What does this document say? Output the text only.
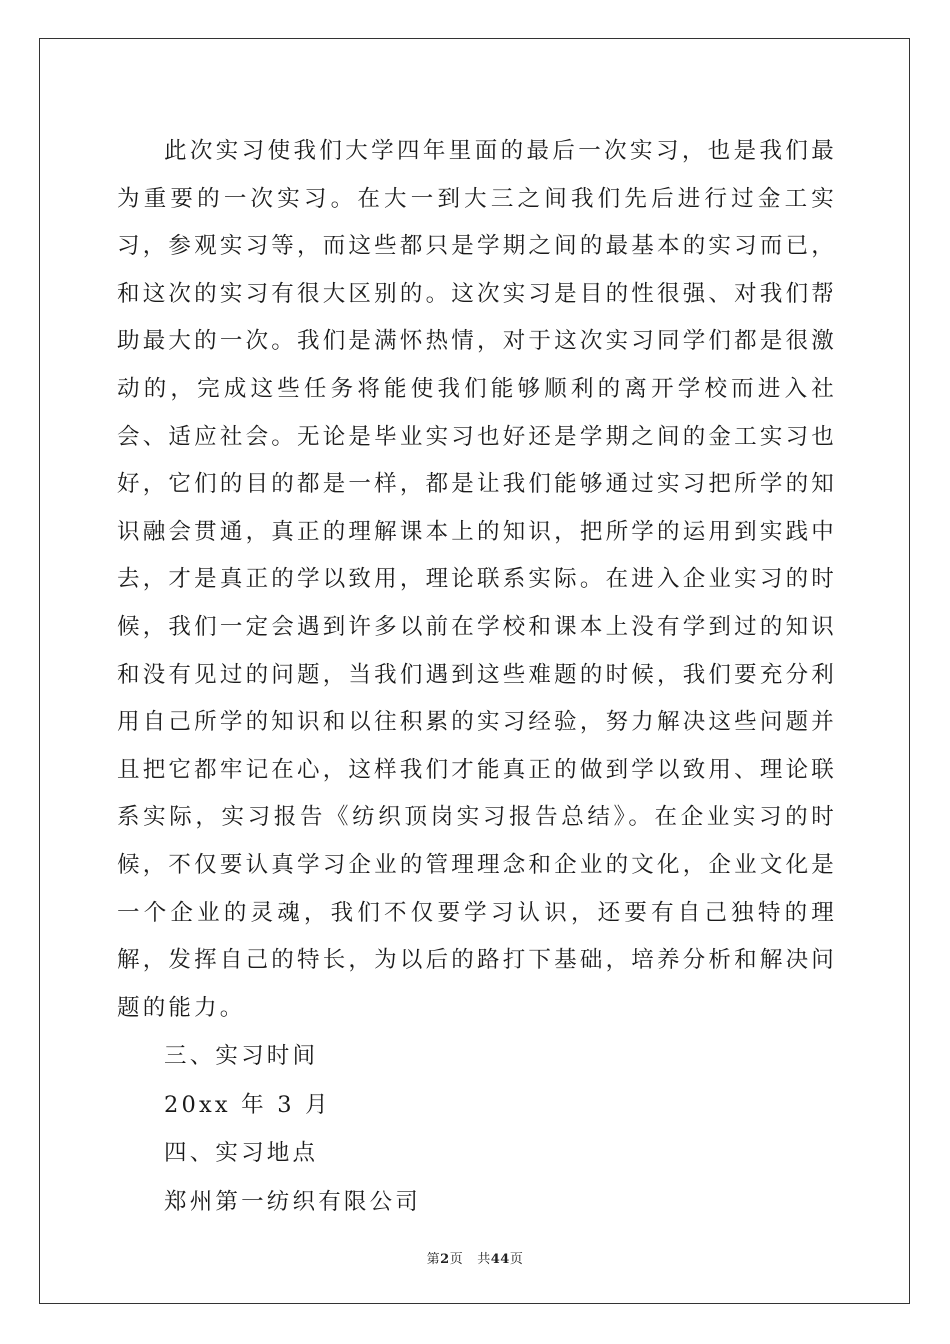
此次实习使我们大学四年里面的最后一次实习，也是我们最为重要的一次实习。在大一到大三之间我们先后进行过金工实习，参观实习等，而这些都只是学期之间的最基本的实习而已，和这次的实习有很大区别的。这次实习是目的性很强、对我们帮助最大的一次。我们是满怀热情，对于这次实习同学们都是很激动的，完成这些任务将能使我们能够顺利的离开学校而进入社会、适应社会。无论是毕业实习也好还是学期之间的金工实习也好，它们的目的都是一样，都是让我们能够通过实习把所学的知识融会贯通，真正的理解课本上的知识，把所学的运用到实践中去，才是真正的学以致用，理论联系实际。在进入企业实习的时候，我们一定会遇到许多以前在学校和课本上没有学到过的知识和没有见过的问题，当我们遇到这些难题的时候，我们要充分利用自己所学的知识和以往积累的实习经验，努力解决这些问题并且把它都牢记在心，这样我们才能真正的做到学以致用、理论联系实际，实习报告《纺织顶岗实习报告总结》。在企业实习的时候，不仅要认真学习企业的管理理念和企业的文化，企业文化是一个企业的灵魂，我们不仅要学习认识，还要有自己独特的理解，发挥自己的特长，为以后的路打下基础，培养分析和解决问题的能力。

三、实习时间

20xx 年 3 月

四、实习地点

郑州第一纺织有限公司

第2页 共44页
